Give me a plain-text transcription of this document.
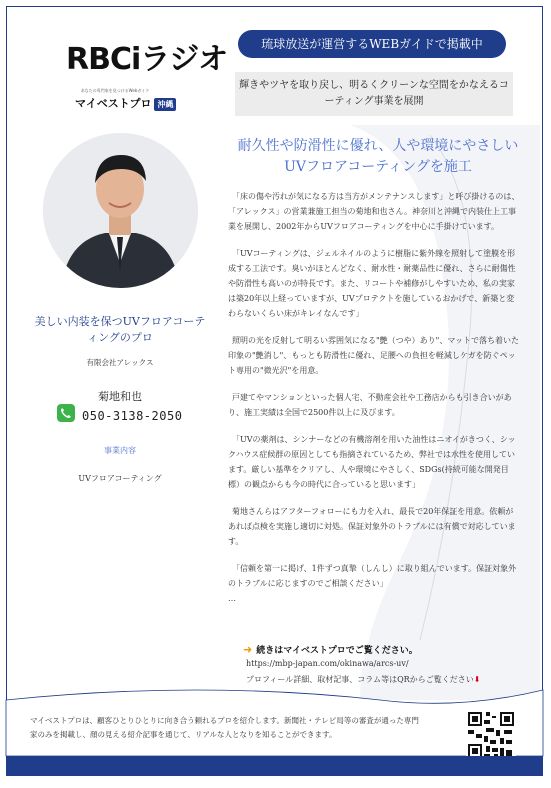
RBCiラジオ
あなたの専門家を見つけるWebガイド
マイベストプロ 沖縄
美しい内装を保つUVフロアコーティングのプロ
有限会社アレックス
菊地和也
050-3138-2050
事業内容
UVフロアコーティング
琉球放送が運営するWEBガイドで掲載中
輝きやツヤを取り戻し、明るくクリーンな空間をかなえるコーティング事業を展開
耐久性や防滑性に優れ、人や環境にやさしいUVフロアコーティングを施工

「床の傷や汚れが気になる方は当方がメンテナンスします」と呼び掛けるのは、「アレックス」の営業兼施工担当の菊地和也さん。神奈川と沖縄で内装仕上工事業を展開し、2002年からUVフロアコーティングを中心に手掛けています。

「UVコーティングは、ジェルネイルのように樹脂に紫外線を照射して塗膜を形成する工法です。臭いがほとんどなく、耐水性・耐薬品性に優れ、さらに耐傷性や防滑性も高いのが特長です。また、リコートや補修がしやすいため、私の実家は築20年以上経っていますが、UVプロテクトを施しているおかげで、新築と変わらないくらい床がキレイなんです」

照明の光を反射して明るい雰囲気になる"艶（つや）あり"、マットで落ち着いた印象の"艶消し"、もっとも防滑性に優れ、足腰への負担を軽減しケガを防ぐペット専用の"微光沢"を用意。

戸建てやマンションといった個人宅、不動産会社や工務店からも引き合いがあり、施工実績は全国で2500件以上に及びます。

「UVの薬剤は、シンナーなどの有機溶剤を用いた油性はニオイがきつく、シックハウス症候群の原因としても指摘されているため、弊社では水性を使用しています。厳しい基準をクリアし、人や環境にやさしく、SDGs(持続可能な開発目標）の観点からも今の時代に合っていると思います」

菊地さんらはアフターフォローにも力を入れ、最長で20年保証を用意。依頼があれば点検を実施し適切に対処。保証対象外のトラブルには有償で対応しています。

「信頼を第一に掲げ、1件ずつ真摯（しんし）に取り組んでいます。保証対象外のトラブルに応じますのでご相談ください」
…

➜ 続きはマイベストプロでご覧ください。
https://mbp-japan.com/okinawa/arcs-uv/
プロフィール詳細、取材記事、コラム等はQRからご覧ください⬇
マイベストプロは、顧客ひとりひとりに向き合う頼れるプロを紹介します。新聞社・テレビ局等の審査が通った専門家のみを掲載し、顔の見える紹介記事を通じて、リアルな人となりを知ることができます。
